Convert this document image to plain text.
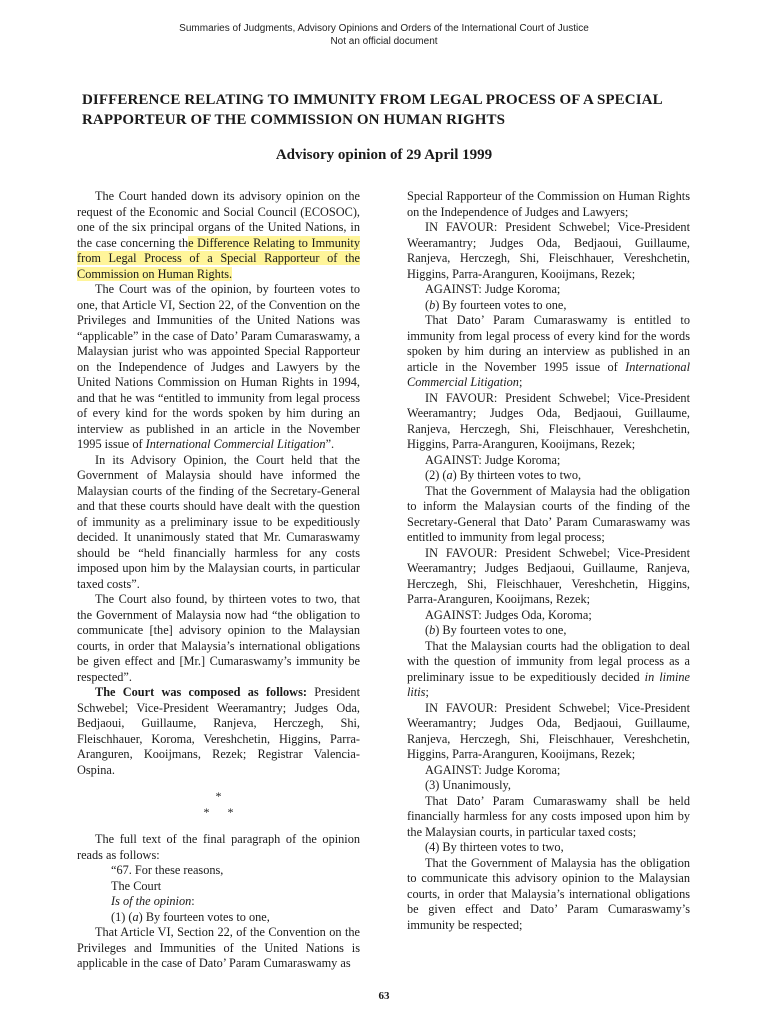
Summaries of Judgments, Advisory Opinions and Orders of the International Court of Justice
Not an official document
DIFFERENCE RELATING TO IMMUNITY FROM LEGAL PROCESS OF A SPECIAL RAPPORTEUR OF THE COMMISSION ON HUMAN RIGHTS
Advisory opinion of 29 April 1999

The Court handed down its advisory opinion on the request of the Economic and Social Council (ECOSOC), one of the six principal organs of the United Nations, in the case concerning the Difference Relating to Immunity from Legal Process of a Special Rapporteur of the Commission on Human Rights.

The Court was of the opinion, by fourteen votes to one, that Article VI, Section 22, of the Convention on the Privileges and Immunities of the United Nations was “applicable” in the case of Dato’ Param Cumaraswamy, a Malaysian jurist who was appointed Special Rapporteur on the Independence of Judges and Lawyers by the United Nations Commission on Human Rights in 1994, and that he was “entitled to immunity from legal process of every kind for the words spoken by him during an interview as published in an article in the November 1995 issue of International Commercial Litigation”.

In its Advisory Opinion, the Court held that the Government of Malaysia should have informed the Malaysian courts of the finding of the Secretary-General and that these courts should have dealt with the question of immunity as a preliminary issue to be expeditiously decided. It unanimously stated that Mr. Cumaraswamy should be “held financially harmless for any costs imposed upon him by the Malaysian courts, in particular taxed costs”.

The Court also found, by thirteen votes to two, that the Government of Malaysia now had “the obligation to communicate [the] advisory opinion to the Malaysian courts, in order that Malaysia’s international obligations be given effect and [Mr.] Cumaraswamy’s immunity be respected”.

The Court was composed as follows: President Schwebel; Vice-President Weeramantry; Judges Oda, Bedjaoui, Guillaume, Ranjeva, Herczegh, Shi, Fleischhauer, Koroma, Vereshchetin, Higgins, Parra-Aranguren, Kooijmans, Rezek; Registrar Valencia-Ospina.

*
*      *

The full text of the final paragraph of the opinion reads as follows:

“67. For these reasons,

The Court

Is of the opinion:

(1) (a) By fourteen votes to one,

That Article VI, Section 22, of the Convention on the Privileges and Immunities of the United Nations is applicable in the case of Dato’ Param Cumaraswamy as

Special Rapporteur of the Commission on Human Rights on the Independence of Judges and Lawyers;

IN FAVOUR: President Schwebel; Vice-President Weeramantry; Judges Oda, Bedjaoui, Guillaume, Ranjeva, Herczegh, Shi, Fleischhauer, Vereshchetin, Higgins, Parra-Aranguren, Kooijmans, Rezek;

AGAINST: Judge Koroma;

(b) By fourteen votes to one,

That Dato’ Param Cumaraswamy is entitled to immunity from legal process of every kind for the words spoken by him during an interview as published in an article in the November 1995 issue of International Commercial Litigation;

IN FAVOUR: President Schwebel; Vice-President Weeramantry; Judges Oda, Bedjaoui, Guillaume, Ranjeva, Herczegh, Shi, Fleischhauer, Vereshchetin, Higgins, Parra-Aranguren, Kooijmans, Rezek;

AGAINST: Judge Koroma;

(2) (a) By thirteen votes to two,

That the Government of Malaysia had the obligation to inform the Malaysian courts of the finding of the Secretary-General that Dato’ Param Cumaraswamy was entitled to immunity from legal process;

IN FAVOUR: President Schwebel; Vice-President Weeramantry; Judges Bedjaoui, Guillaume, Ranjeva, Herczegh, Shi, Fleischhauer, Vereshchetin, Higgins, Parra-Aranguren, Kooijmans, Rezek;

AGAINST: Judges Oda, Koroma;

(b) By fourteen votes to one,

That the Malaysian courts had the obligation to deal with the question of immunity from legal process as a preliminary issue to be expeditiously decided in limine litis;

IN FAVOUR: President Schwebel; Vice-President Weeramantry; Judges Oda, Bedjaoui, Guillaume, Ranjeva, Herczegh, Shi, Fleischhauer, Vereshchetin, Higgins, Parra-Aranguren, Kooijmans, Rezek;

AGAINST: Judge Koroma;

(3) Unanimously,

That Dato’ Param Cumaraswamy shall be held financially harmless for any costs imposed upon him by the Malaysian courts, in particular taxed costs;

(4) By thirteen votes to two,

That the Government of Malaysia has the obligation to communicate this advisory opinion to the Malaysian courts, in order that Malaysia’s international obligations be given effect and Dato’ Param Cumaraswamy’s immunity be respected;

63
